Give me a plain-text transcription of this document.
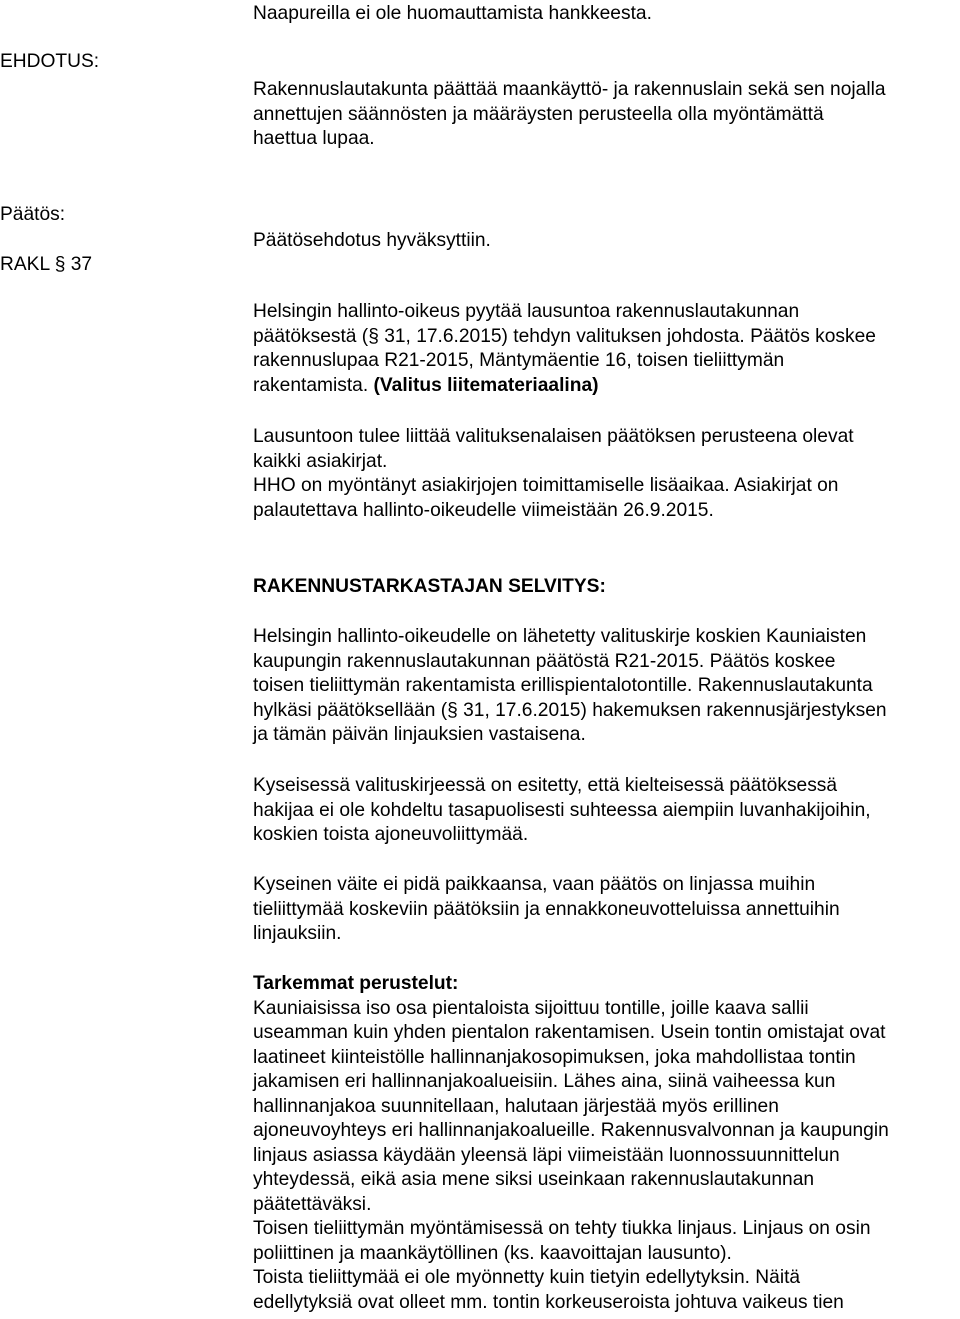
Naapureilla ei ole huomauttamista hankkeesta.
EHDOTUS:
Rakennuslautakunta päättää maankäyttö- ja rakennuslain sekä sen nojalla
annettujen säännösten ja määräysten perusteella olla myöntämättä
haettua lupaa.
Päätös:
RAKL § 37
Päätösehdotus hyväksyttiin.
Helsingin hallinto-oikeus pyytää lausuntoa rakennuslautakunnan
päätöksestä (§ 31, 17.6.2015) tehdyn valituksen johdosta. Päätös koskee
rakennuslupaa R21-2015, Mäntymäentie 16, toisen tieliittymän
rakentamista. (Valitus liitemateriaalina)
Lausuntoon tulee liittää valituksenalaisen päätöksen perusteena olevat
kaikki asiakirjat.
HHO on myöntänyt asiakirjojen toimittamiselle lisäaikaa. Asiakirjat on
palautettava hallinto-oikeudelle viimeistään 26.9.2015.
RAKENNUSTARKASTAJAN SELVITYS:
Helsingin hallinto-oikeudelle on lähetetty valituskirje koskien Kauniaisten
kaupungin rakennuslautakunnan päätöstä R21-2015. Päätös koskee
toisen tieliittymän rakentamista erillispientalotontille. Rakennuslautakunta
hylkäsi päätöksellään (§ 31, 17.6.2015) hakemuksen rakennusjärjestyksen
ja tämän päivän linjauksien vastaisena.
Kyseisessä valituskirjeessä on esitetty, että kielteisessä päätöksessä
hakijaa ei ole kohdeltu tasapuolisesti suhteessa aiempiin luvanhakijoihin,
koskien toista ajoneuvoliittymää.
Kyseinen väite ei pidä paikkaansa, vaan päätös on linjassa muihin
tieliittymää koskeviin päätöksiin ja ennakkoneuvotteluissa annettuihin
linjauksiin.
Tarkemmat perustelut:
Kauniaisissa iso osa pientaloista sijoittuu tontille, joille kaava sallii
useamman kuin yhden pientalon rakentamisen. Usein tontin omistajat ovat
laatineet kiinteistölle hallinnanjakosopimuksen, joka mahdollistaa tontin
jakamisen eri hallinnanjakoalueisiin. Lähes aina, siinä vaiheessa kun
hallinnanjakoa suunnitellaan, halutaan järjestää myös erillinen
ajoneuvoyhteys eri hallinnanjakoalueille. Rakennusvalvonnan ja kaupungin
linjaus asiassa käydään yleensä läpi viimeistään luonnossuunnittelun
yhteydessä, eikä asia mene siksi useinkaan rakennuslautakunnan
päätettäväksi.
Toisen tieliittymän myöntämisessä on tehty tiukka linjaus. Linjaus on osin
poliittinen ja maankäytöllinen (ks. kaavoittajan lausunto).
Toista tieliittymää ei ole myönnetty kuin tietyin edellytyksin. Näitä
edellytyksiä ovat olleet mm. tontin korkeuseroista johtuva vaikeus tien
